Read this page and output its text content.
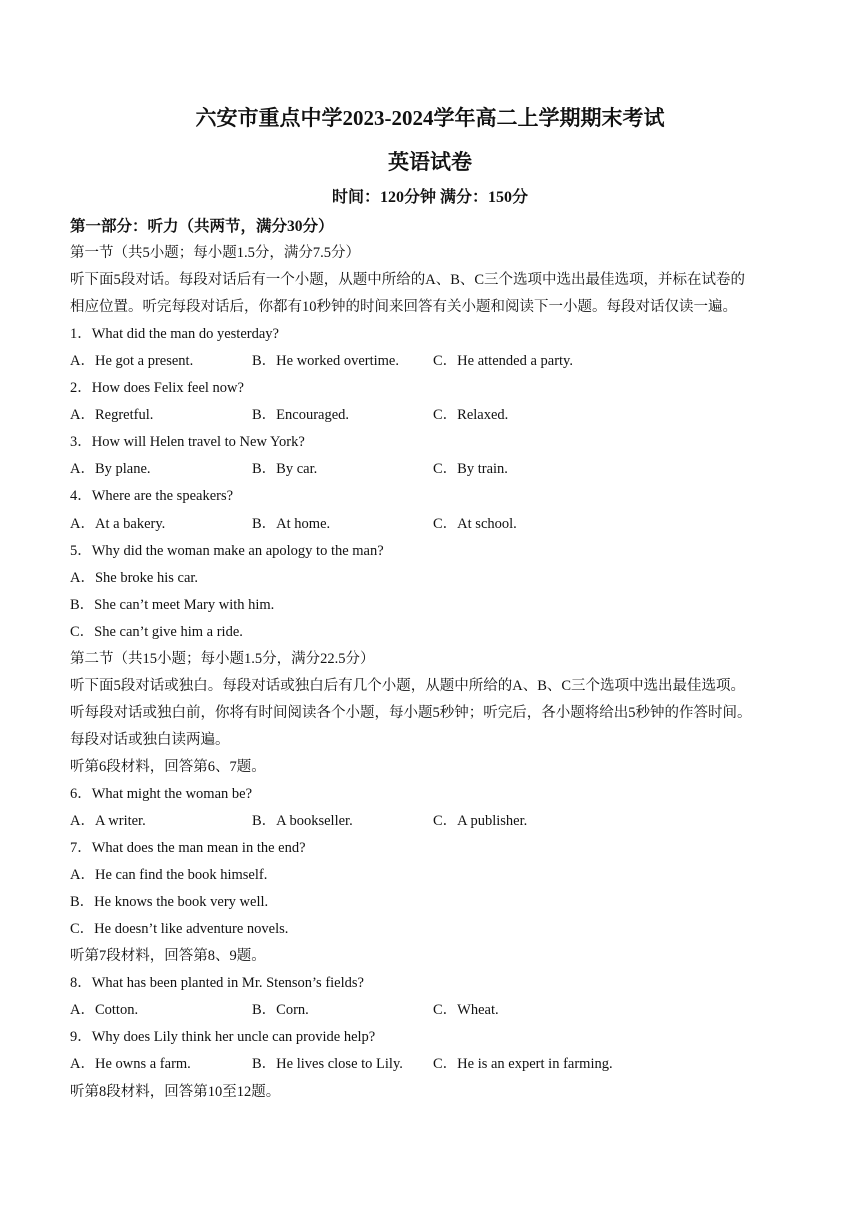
六安市重点中学2023-2024学年高二上学期期末考试
英语试卷
时间：120分钟 满分：150分
第一部分：听力（共两节，满分30分）
第一节（共5小题；每小题1.5分，满分7.5分）
听下面5段对话。每段对话后有一个小题，从题中所给的A、B、C三个选项中选出最佳选项，并标在试卷的
相应位置。听完每段对话后，你都有10秒钟的时间来回答有关小题和阅读下一小题。每段对话仅读一遍。
1．What did the man do yesterday?
A．He got a present.	B．He worked overtime. C．He attended a party.
2．How does Felix feel now?
A．Regretful.	B．Encouraged.	C．Relaxed.
3．How will Helen travel to New York?
A．By plane.	B．By car.	C．By train.
4．Where are the speakers?
A．At a bakery.	B．At home.	C．At school.
5．Why did the woman make an apology to the man?
A．She broke his car.
B．She can’t meet Mary with him.
C．She can’t give him a ride.
第二节（共15小题；每小题1.5分，满分22.5分）
听下面5段对话或独白。每段对话或独白后有几个小题，从题中所给的A、B、C三个选项中选出最佳选项。
听每段对话或独白前，你将有时间阅读各个小题，每小题5秒钟；听完后，各小题将给出5秒钟的作答时间。
每段对话或独白读两遍。
听第6段材料，回答第6、7题。
6．What might the woman be?
A．A writer.	B．A bookseller.	C．A publisher.
7．What does the man mean in the end?
A．He can find the book himself.
B．He knows the book very well.
C．He doesn’t like adventure novels.
听第7段材料，回答第8、9题。
8．What has been planted in Mr. Stenson’s fields?
A．Cotton.	B．Corn.	C．Wheat.
9．Why does Lily think her uncle can provide help?
A．He owns a farm.	B．He lives close to Lily. C．He is an expert in farming.
听第8段材料，回答第10至12题。
